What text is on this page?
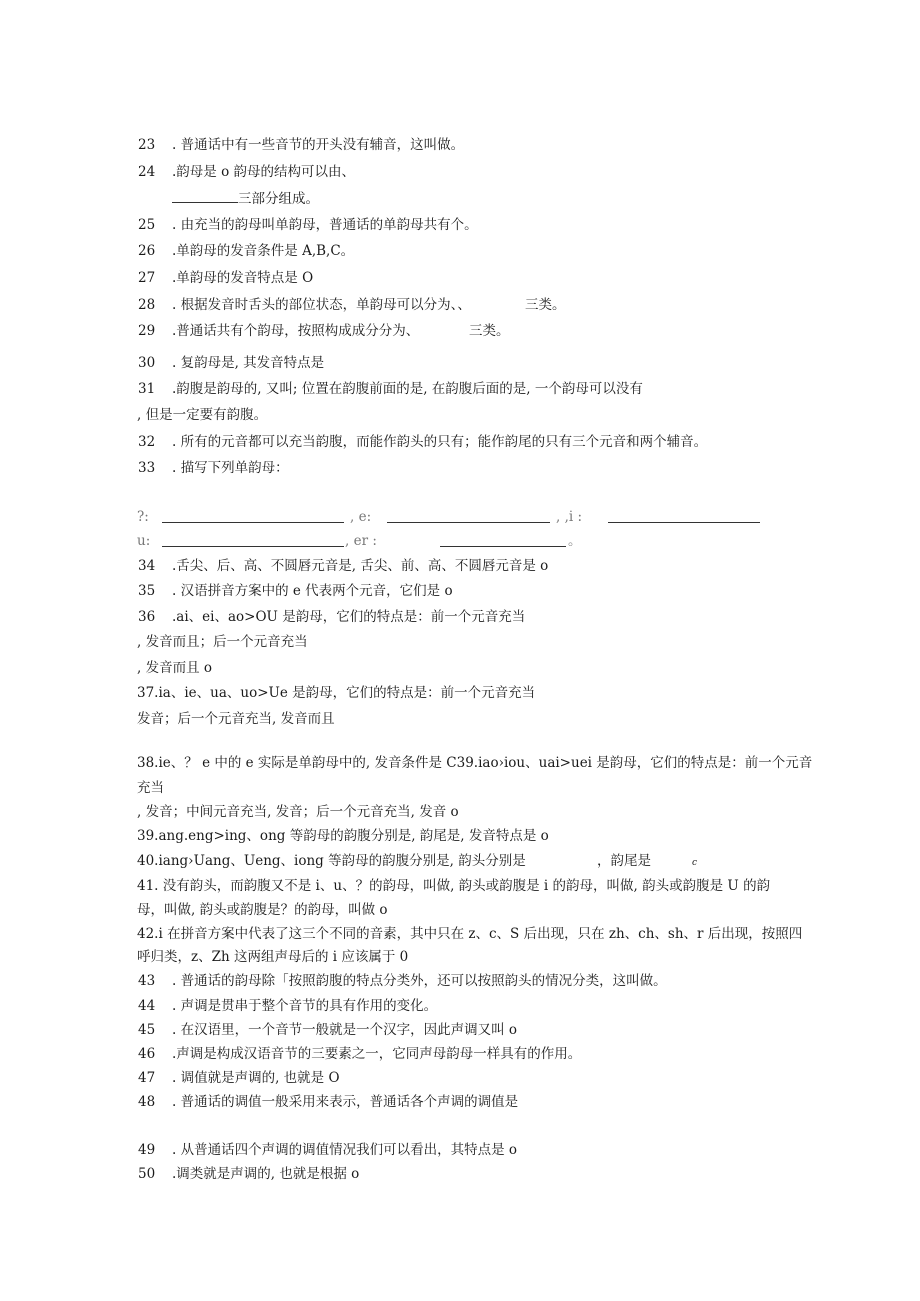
23	. 普通话中有一些音节的开头没有辅音，这叫做。
24	.韵母是 o 韵母的结构可以由、
三部分组成。
25	. 由充当的韵母叫单韵母，普通话的单韵母共有个。
26	.单韵母的发音条件是 A,B,C。
27	.单韵母的发音特点是 O
28	. 根据发音时舌头的部位状态，单韵母可以分为、、	三类。
29	.普通话共有个韵母，按照构成成分分为、	三类。
30	. 复韵母是, 其发音特点是
31	.韵腹是韵母的, 又叫; 位置在韵腹前面的是, 在韵腹后面的是, 一个韵母可以没有
, 但是一定要有韵腹。
32	. 所有的元音都可以充当韵腹，而能作韵头的只有；能作韵尾的只有三个元音和两个辅音。
33	. 描写下列单韵母：
?:	, e:	, ,i :
u:	, er :	。
34	.舌尖、后、高、不圆唇元音是, 舌尖、前、高、不圆唇元音是 o
35	. 汉语拼音方案中的 e 代表两个元音，它们是 o
36	.ai、ei、ao>OU 是韵母，它们的特点是：前一个元音充当
, 发音而且；后一个元音充当
, 发音而且 o
37.ia、ie、ua、uo>Ue 是韵母，它们的特点是：前一个元音充当
发音；后一个元音充当, 发音而且
38.ie、？ e 中的 e 实际是单韵母中的, 发音条件是 C39.iao›iou、uai>uei 是韵母，它们的特点是：前一个元音
充当
, 发音；中间元音充当, 发音；后一个元音充当, 发音 o
39.ang.eng>ing、ong 等韵母的韵腹分别是, 韵尾是, 发音特点是 o
40.iang›Uang、Ueng、iong 等韵母的韵腹分别是, 韵头分别是	，韵尾是	c
41. 没有韵头，而韵腹又不是 i、u、？的韵母，叫做, 韵头或韵腹是 i 的韵母，叫做, 韵头或韵腹是 U 的韵
母，叫做, 韵头或韵腹是？的韵母，叫做 o
42.i 在拼音方案中代表了这三个不同的音素，其中只在 z、c、S 后出现，只在 zh、ch、sh、r 后出现，按照四
呼归类，z、Zh 这两组声母后的 i 应该属于 0
43	. 普通话的韵母除「按照韵腹的特点分类外，还可以按照韵头的情况分类，这叫做。
44	. 声调是贯串于整个音节的具有作用的变化。
45	. 在汉语里，一个音节一般就是一个汉字，因此声调又叫 o
46	.声调是构成汉语音节的三要素之一，它同声母韵母一样具有的作用。
47	. 调值就是声调的, 也就是 O
48	. 普通话的调值一般采用来表示，普通话各个声调的调值是
49	. 从普通话四个声调的调值情况我们可以看出，其特点是 o
50	.调类就是声调的, 也就是根据 o
